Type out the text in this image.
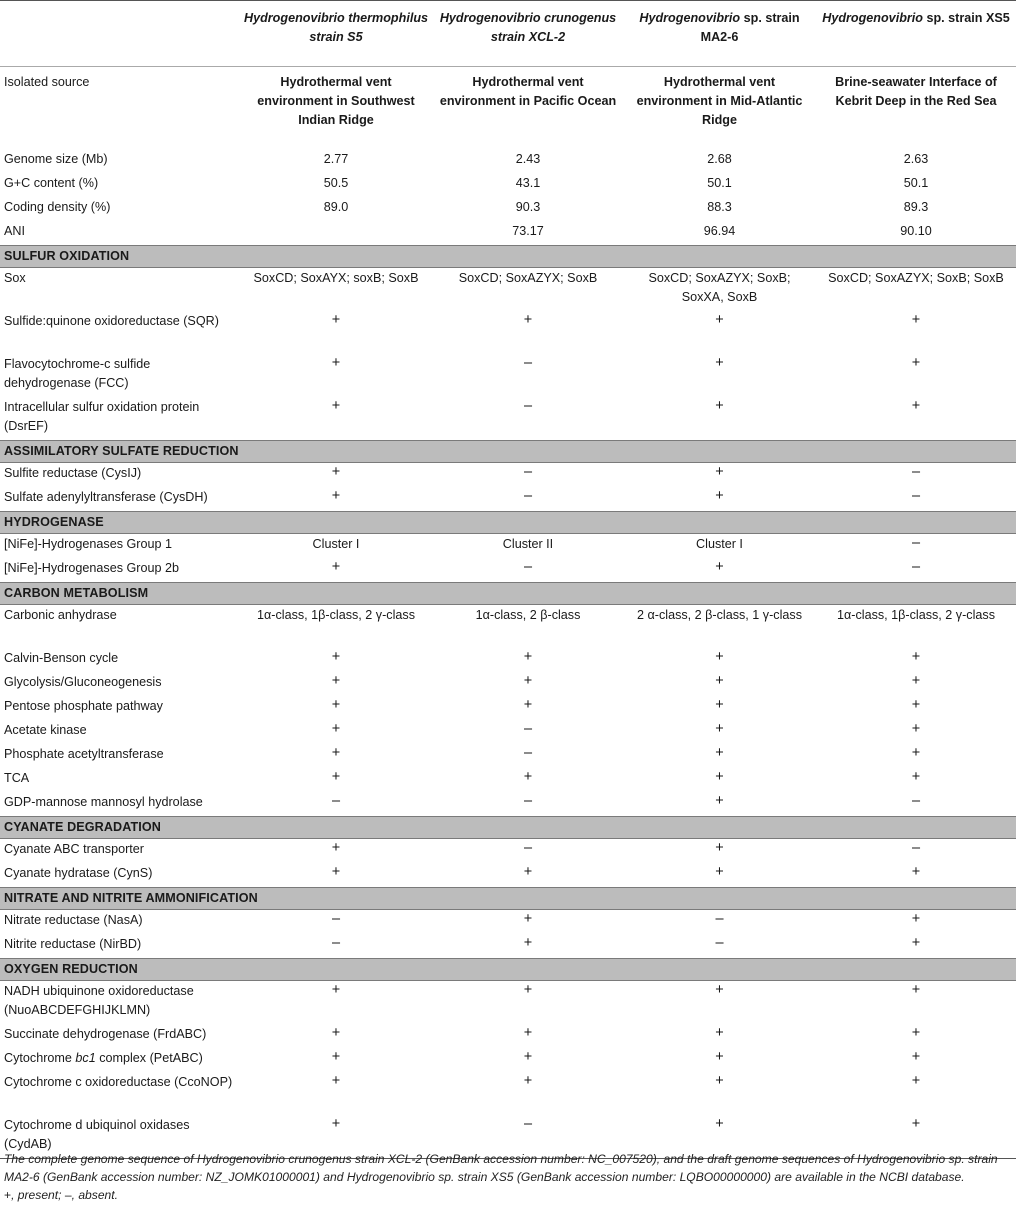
	Hydrogenovibrio thermophilus strain S5	Hydrogenovibrio crunogenus strain XCL-2	Hydrogenovibrio sp. strain MA2-6	Hydrogenovibrio sp. strain XS5
Isolated source	Hydrothermal vent environment in Southwest Indian Ridge	Hydrothermal vent environment in Pacific Ocean	Hydrothermal vent environment in Mid-Atlantic Ridge	Brine-seawater Interface of Kebrit Deep in the Red Sea
Genome size (Mb)	2.77	2.43	2.68	2.63
G+C content (%)	50.5	43.1	50.1	50.1
Coding density (%)	89.0	90.3	88.3	89.3
ANI		73.17	96.94	90.10
SULFUR OXIDATION				
Sox	SoxCD; SoxAYX; soxB; SoxB	SoxCD; SoxAZYX; SoxB	SoxCD; SoxAZYX; SoxB; SoxXA, SoxB	SoxCD; SoxAZYX; SoxB; SoxB
Sulfide:quinone oxidoreductase (SQR)	+	+	+	+
Flavocytochrome-c sulfide dehydrogenase (FCC)	+	–	+	+
Intracellular sulfur oxidation protein (DsrEF)	+	–	+	+
ASSIMILATORY SULFATE REDUCTION				
Sulfite reductase (CysIJ)	+	–	+	–
Sulfate adenylyltransferase (CysDH)	+	–	+	–
HYDROGENASE				
[NiFe]-Hydrogenases Group 1	Cluster I	Cluster II	Cluster I	–
[NiFe]-Hydrogenases Group 2b	+	–	+	–
CARBON METABOLISM				
Carbonic anhydrase	1α-class, 1β-class, 2 γ-class	1α-class, 2 β-class	2 α-class, 2 β-class, 1 γ-class	1α-class, 1β-class, 2 γ-class
Calvin-Benson cycle	+	+	+	+
Glycolysis/Gluconeogenesis	+	+	+	+
Pentose phosphate pathway	+	+	+	+
Acetate kinase	+	–	+	+
Phosphate acetyltransferase	+	–	+	+
TCA	+	+	+	+
GDP-mannose mannosyl hydrolase	–	–	+	–
CYANATE DEGRADATION				
Cyanate ABC transporter	+	–	+	–
Cyanate hydratase (CynS)	+	+	+	+
NITRATE AND NITRITE AMMONIFICATION				
Nitrate reductase (NasA)	–	+	–	+
Nitrite reductase (NirBD)	–	+	–	+
OXYGEN REDUCTION				
NADH ubiquinone oxidoreductase (NuoABCDEFGHIJKLMN)	+	+	+	+
Succinate dehydrogenase (FrdABC)	+	+	+	+
Cytochrome bc1 complex (PetABC)	+	+	+	+
Cytochrome c oxidoreductase (CcoNOP)	+	+	+	+
Cytochrome d ubiquinol oxidases (CydAB)	+	–	+	+
The complete genome sequence of Hydrogenovibrio crunogenus strain XCL-2 (GenBank accession number: NC_007520), and the draft genome sequences of Hydrogenovibrio sp. strain MA2-6 (GenBank accession number: NZ_JOMK01000001) and Hydrogenovibrio sp. strain XS5 (GenBank accession number: LQBO00000000) are available in the NCBI database.
+, present; –, absent.
